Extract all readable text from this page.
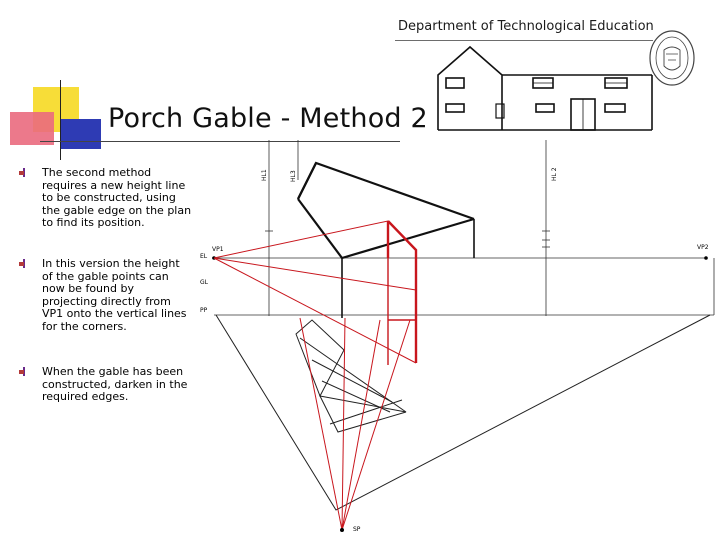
Department of Technological Education
Porch Gable - Method 2
The second method requires a new height line to be constructed, using the gable edge on the plan to find its position.
In this version the height of the gable points can now be found by projecting directly from VP1 onto the vertical lines for the corners.
When the gable has been constructed, darken in the required edges.
HL1	HL3	HL 2
EL
VP1	VP2
GL
PP
SP
